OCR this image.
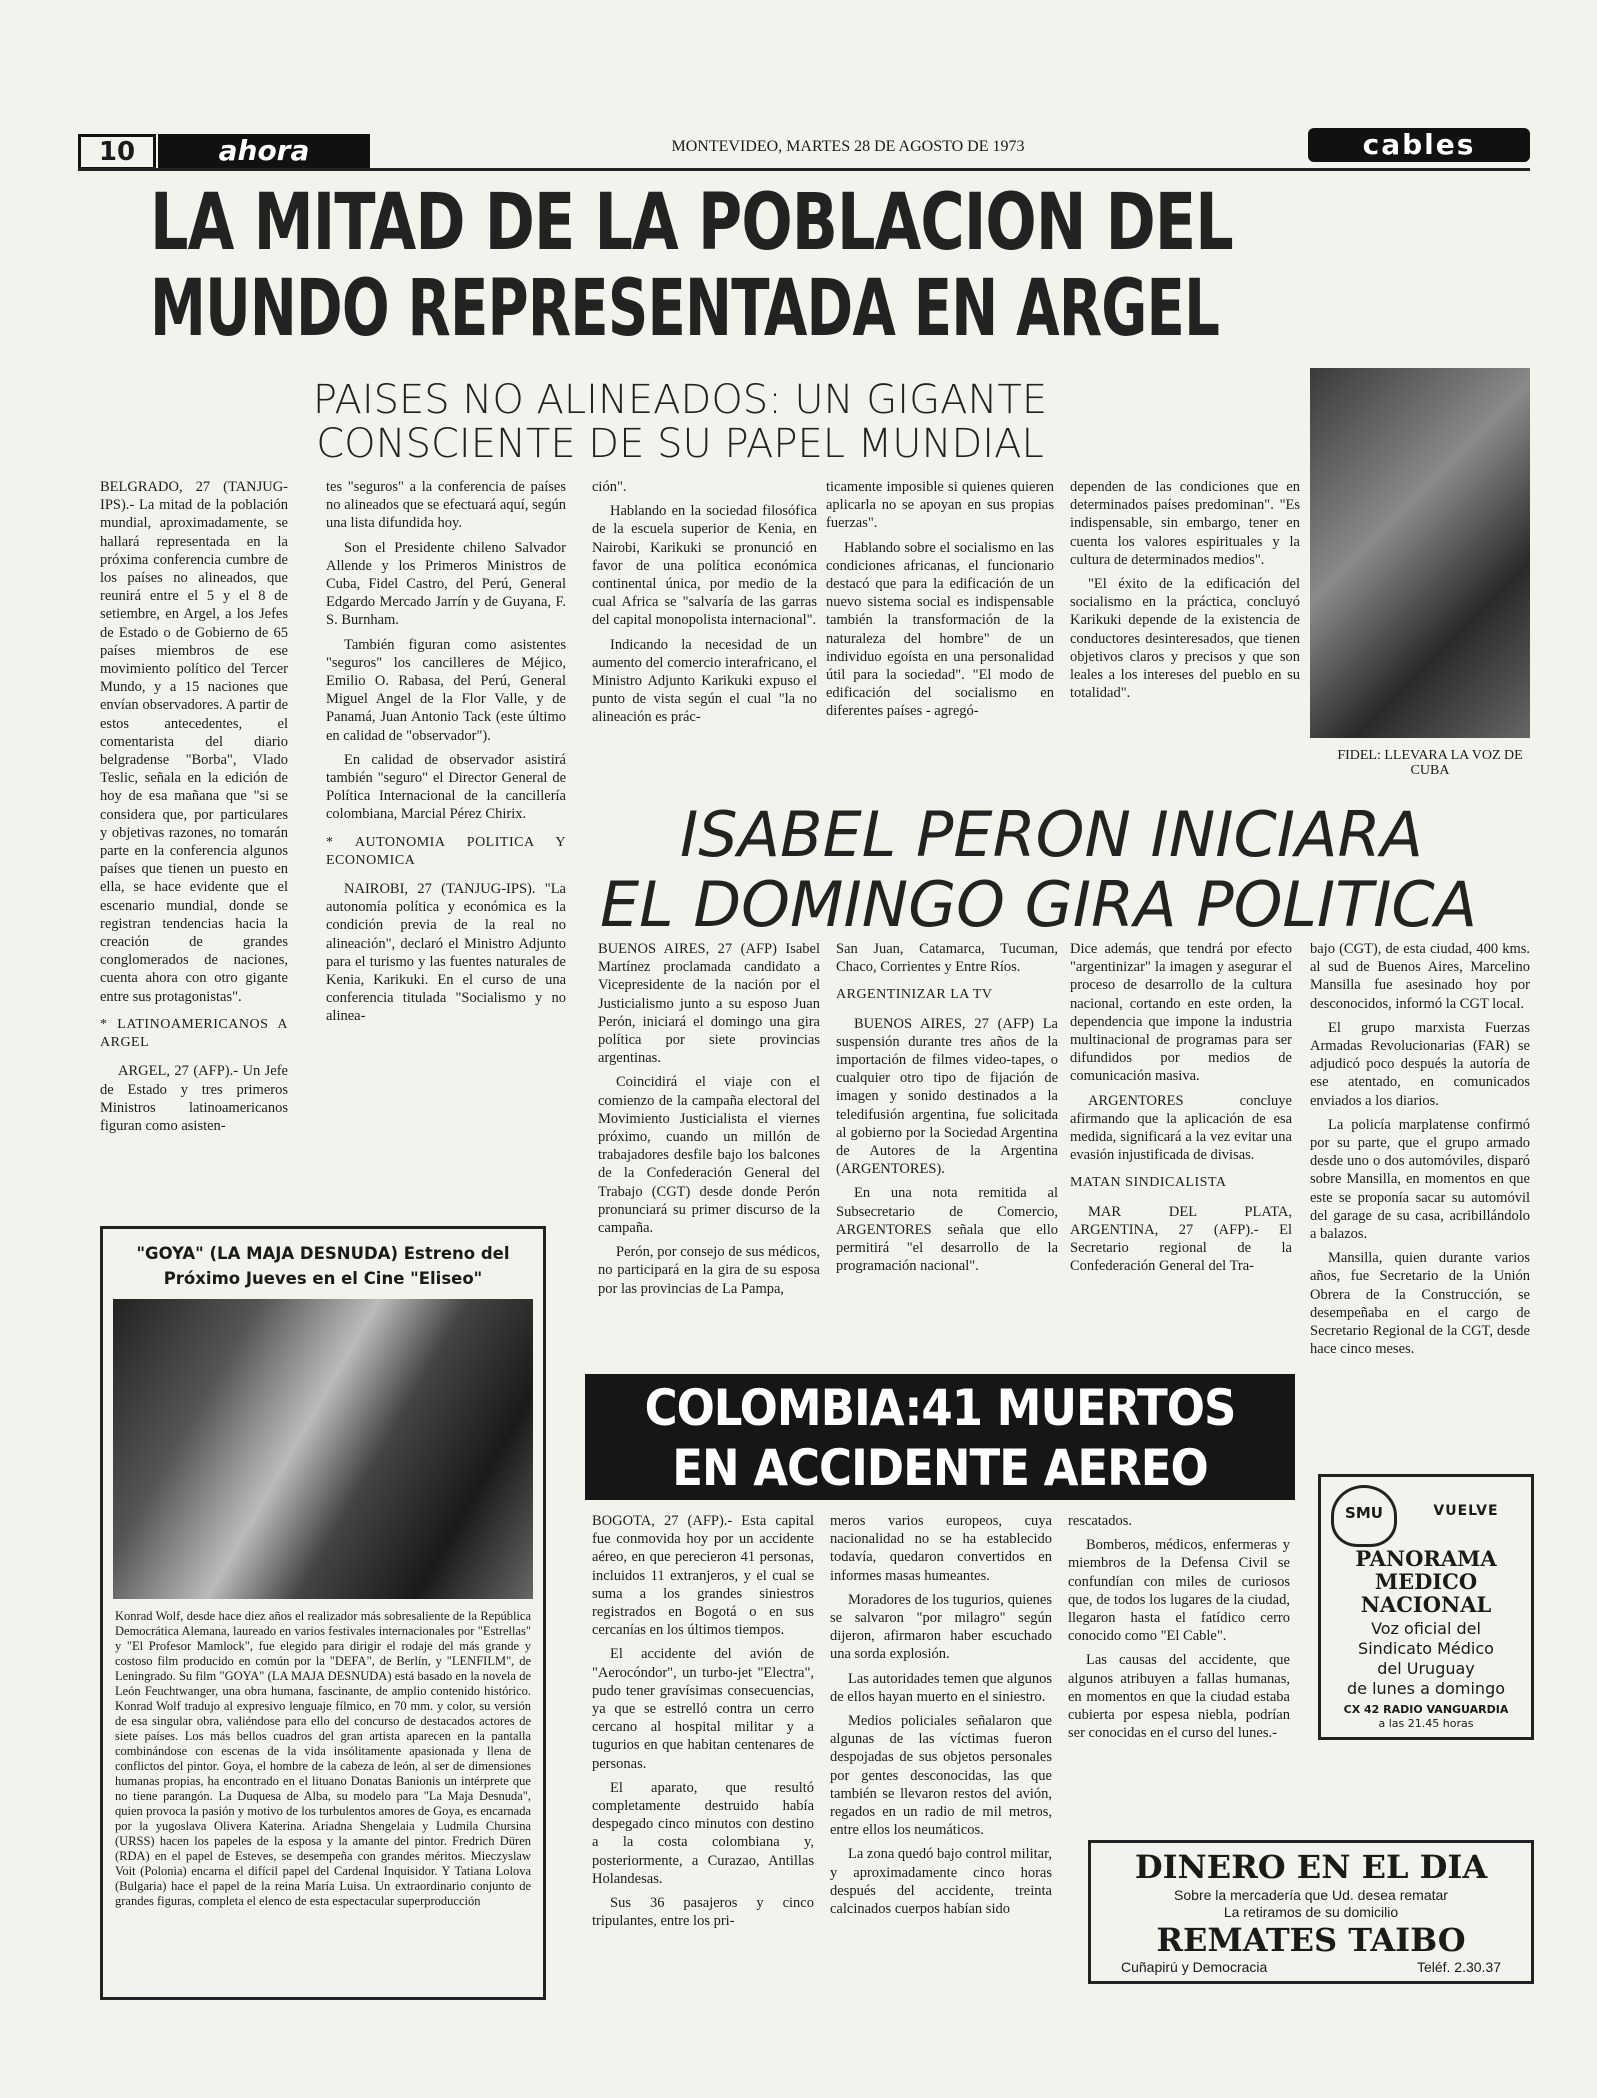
10	ahora	MONTEVIDEO, MARTES 28 DE AGOSTO DE 1973	cables
LA MITAD DE LA POBLACION DEL
MUNDO REPRESENTADA EN ARGEL
PAISES NO ALINEADOS: UN GIGANTE
CONSCIENTE DE SU PAPEL MUNDIAL
FIDEL: LLEVARA LA VOZ DE CUBA

BELGRADO, 27 (TANJUG-IPS).- La mitad de la población mundial, aproximadamente, se hallará representada en la próxima conferencia cumbre de los países no alineados, que reunirá entre el 5 y el 8 de setiembre, en Argel, a los Jefes de Estado o de Gobierno de 65 países miembros de ese movimiento político del Tercer Mundo, y a 15 naciones que envían observadores. A partir de estos antecedentes, el comentarista del diario belgradense "Borba", Vlado Teslic, señala en la edición de hoy de esa mañana que "si se considera que, por particulares y objetivas razones, no tomarán parte en la conferencia algunos países que tienen un puesto en ella, se hace evidente que el escenario mundial, donde se registran tendencias hacia la creación de grandes conglomerados de naciones, cuenta ahora con otro gigante entre sus protagonistas".

* LATINOAMERICANOS A ARGEL

ARGEL, 27 (AFP).- Un Jefe de Estado y tres primeros Ministros latinoamericanos figuran como asisten-

tes "seguros" a la conferencia de países no alineados que se efectuará aquí, según una lista difundida hoy.

Son el Presidente chileno Salvador Allende y los Primeros Ministros de Cuba, Fidel Castro, del Perú, General Edgardo Mercado Jarrín y de Guyana, F. S. Burnham.

También figuran como asistentes "seguros" los cancilleres de Méjico, Emilio O. Rabasa, del Perú, General Miguel Angel de la Flor Valle, y de Panamá, Juan Antonio Tack (este último en calidad de "observador").

En calidad de observador asistirá también "seguro" el Director General de Política Internacional de la cancillería colombiana, Marcial Pérez Chirix.

* AUTONOMIA POLITICA Y ECONOMICA

NAIROBI, 27 (TANJUG-IPS). "La autonomía política y económica es la condición previa de la real no alineación", declaró el Ministro Adjunto para el turismo y las fuentes naturales de Kenia, Karikuki. En el curso de una conferencia titulada "Socialismo y no alinea-

ción".

Hablando en la sociedad filosófica de la escuela superior de Kenia, en Nairobi, Karikuki se pronunció en favor de una política económica continental única, por medio de la cual Africa se "salvaría de las garras del capital monopolista internacional".

Indicando la necesidad de un aumento del comercio interafricano, el Ministro Adjunto Karikuki expuso el punto de vista según el cual "la no alineación es prác-

ticamente imposible si quienes quieren aplicarla no se apoyan en sus propias fuerzas".

Hablando sobre el socialismo en las condiciones africanas, el funcionario destacó que para la edificación de un nuevo sistema social es indispensable también la transformación de la naturaleza del hombre" de un individuo egoísta en una personalidad útil para la sociedad". "El modo de edificación del socialismo en diferentes países - agregó-

dependen de las condiciones que en determinados países predominan". "Es indispensable, sin embargo, tener en cuenta los valores espirituales y la cultura de determinados medios".

"El éxito de la edificación del socialismo en la práctica, concluyó Karikuki depende de la existencia de conductores desinteresados, que tienen objetivos claros y precisos y que son leales a los intereses del pueblo en su totalidad".

ISABEL PERON INICIARA
EL DOMINGO GIRA POLITICA

BUENOS AIRES, 27 (AFP) Isabel Martínez proclamada candidato a Vicepresidente de la nación por el Justicialismo junto a su esposo Juan Perón, iniciará el domingo una gira política por siete provincias argentinas.

Coincidirá el viaje con el comienzo de la campaña electoral del Movimiento Justicialista el viernes próximo, cuando un millón de trabajadores desfile bajo los balcones de la Confederación General del Trabajo (CGT) desde donde Perón pronunciará su primer discurso de la campaña.

Perón, por consejo de sus médicos, no participará en la gira de su esposa por las provincias de La Pampa,

San Juan, Catamarca, Tucuman, Chaco, Corrientes y Entre Ríos.

ARGENTINIZAR LA TV

BUENOS AIRES, 27 (AFP) La suspensión durante tres años de la importación de filmes video-tapes, o cualquier otro tipo de fijación de imagen y sonido destinados a la teledifusión argentina, fue solicitada al gobierno por la Sociedad Argentina de Autores de la Argentina (ARGENTORES).

En una nota remitida al Subsecretario de Comercio, ARGENTORES señala que ello permitirá "el desarrollo de la programación nacional".

Dice además, que tendrá por efecto "argentinizar" la imagen y asegurar el proceso de desarrollo de la cultura nacional, cortando en este orden, la dependencia que impone la industria multinacional de programas para ser difundidos por medios de comunicación masiva.

ARGENTORES concluye afirmando que la aplicación de esa medida, significará a la vez evitar una evasión injustificada de divisas.

MATAN SINDICALISTA

MAR DEL PLATA, ARGENTINA, 27 (AFP).- El Secretario regional de la Confederación General del Tra-

bajo (CGT), de esta ciudad, 400 kms. al sud de Buenos Aires, Marcelino Mansilla fue asesinado hoy por desconocidos, informó la CGT local.

El grupo marxista Fuerzas Armadas Revolucionarias (FAR) se adjudicó poco después la autoría de ese atentado, en comunicados enviados a los diarios.

La policía marplatense confirmó por su parte, que el grupo armado desde uno o dos automóviles, disparó sobre Mansilla, en momentos en que este se proponía sacar su automóvil del garage de su casa, acribillándolo a balazos.

Mansilla, quien durante varios años, fue Secretario de la Unión Obrera de la Construcción, se desempeñaba en el cargo de Secretario Regional de la CGT, desde hace cinco meses.

"GOYA" (LA MAJA DESNUDA) Estreno del
Próximo Jueves en el Cine "Eliseo"
Konrad Wolf, desde hace diez años el realizador más sobresaliente de la República Democrática Alemana, laureado en varios festivales internacionales por "Estrellas" y "El Profesor Mamlock", fue elegido para dirigir el rodaje del más grande y costoso film producido en común por la "DEFA", de Berlín, y "LENFILM", de Leningrado. Su film "GOYA" (LA MAJA DESNUDA) está basado en la novela de León Feuchtwanger, una obra humana, fascinante, de amplio contenido histórico. Konrad Wolf tradujo al expresivo lenguaje fílmico, en 70 mm. y color, su versión de esa singular obra, valiéndose para ello del concurso de destacados actores de siete países. Los más bellos cuadros del gran artista aparecen en la pantalla combinándose con escenas de la vida insólitamente apasionada y llena de conflictos del pintor. Goya, el hombre de la cabeza de león, al ser de dimensiones humanas propias, ha encontrado en el lituano Donatas Banionis un intérprete que no tiene parangón. La Duquesa de Alba, su modelo para "La Maja Desnuda", quien provoca la pasión y motivo de los turbulentos amores de Goya, es encarnada por la yugoslava Olivera Katerina. Ariadna Shengelaia y Ludmila Chursina (URSS) hacen los papeles de la esposa y la amante del pintor. Fredrich Düren (RDA) en el papel de Esteves, se desempeña con grandes méritos. Mieczyslaw Voit (Polonia) encarna el difícil papel del Cardenal Inquisidor. Y Tatiana Lolova (Bulgaria) hace el papel de la reina María Luisa. Un extraordinario conjunto de grandes figuras, completa el elenco de esta espectacular superproducción
COLOMBIA:41 MUERTOS
EN ACCIDENTE AEREO

BOGOTA, 27 (AFP).- Esta capital fue conmovida hoy por un accidente aéreo, en que perecieron 41 personas, incluidos 11 extranjeros, y el cual se suma a los grandes siniestros registrados en Bogotá o en sus cercanías en los últimos tiempos.

El accidente del avión de "Aerocóndor", un turbo-jet "Electra", pudo tener gravísimas consecuencias, ya que se estrelló contra un cerro cercano al hospital militar y a tugurios en que habitan centenares de personas.

El aparato, que resultó completamente destruido había despegado cinco minutos con destino a la costa colombiana y, posteriormente, a Curazao, Antillas Holandesas.

Sus 36 pasajeros y cinco tripulantes, entre los pri-

meros varios europeos, cuya nacionalidad no se ha establecido todavía, quedaron convertidos en informes masas humeantes.

Moradores de los tugurios, quienes se salvaron "por milagro" según dijeron, afirmaron haber escuchado una sorda explosión.

Las autoridades temen que algunos de ellos hayan muerto en el siniestro.

Medios policiales señalaron que algunas de las víctimas fueron despojadas de sus objetos personales por gentes desconocidas, las que también se llevaron restos del avión, regados en un radio de mil metros, entre ellos los neumáticos.

La zona quedó bajo control militar, y aproximadamente cinco horas después del accidente, treinta calcinados cuerpos habían sido

rescatados.

Bomberos, médicos, enfermeras y miembros de la Defensa Civil se confundían con miles de curiosos que, de todos los lugares de la ciudad, llegaron hasta el fatídico cerro conocido como "El Cable".

Las causas del accidente, que algunos atribuyen a fallas humanas, en momentos en que la ciudad estaba cubierta por espesa niebla, podrían ser conocidas en el curso del lunes.-

SMU	VUELVE
PANORAMA
MEDICO
NACIONAL
Voz oficial del
Sindicato Médico
del Uruguay
de lunes a domingo
CX 42 RADIO VANGUARDIA
a las 21.45 horas
DINERO EN EL DIA
Sobre la mercadería que Ud. desea rematar
La retiramos de su domicilio
REMATES TAIBO
Cuñapirú y Democracia	Teléf. 2.30.37
